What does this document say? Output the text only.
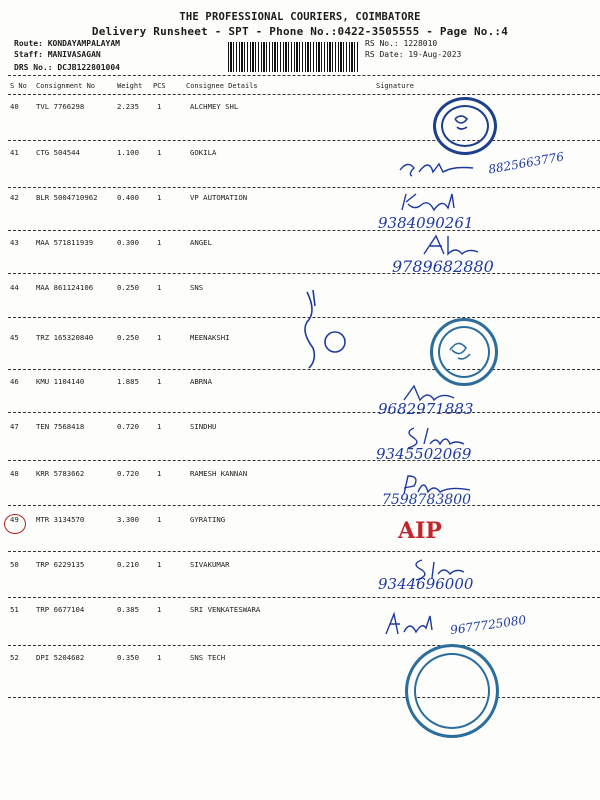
THE PROFESSIONAL COURIERS, COIMBATORE
Delivery Runsheet - SPT - Phone No.:0422-3505555 - Page No.:4
Route: KONDAYAMPALAYAM
Staff: MANIVASAGAN
DRS No.: DCJB122801004
RS No.: 1228010
RS Date: 19-Aug-2023
S No Consignment No	Weight PCS	Consignee Details	Signature
40 TVL 7766298	2.235 1	ALCHMEY SHL
41 CTG 504544	1.100 1	GOKILA
42 BLR 5004710962	0.400 1	VP AUTOMATION
43 MAA 571811939	0.300 1	ANGEL
44 MAA 861124106	0.250 1	SNS
45 TRZ 165320840	0.250 1	MEENAKSHI
46 KMU 1104140	1.885 1	ABRNA
47 TEN 7568418	0.720 1	SINDHU
48 KRR 5783662	0.720 1	RAMESH KANNAN
49 MTR 3134570	3.300 1	GYRATING
50 TRP 6229135	0.210 1	SIVAKUMAR
51 TRP 6677104	0.385 1	SRI VENKATESWARA
52 DPI 5204682	0.350 1	SNS TECH
8825663776
9384090261
9789682880
9682971883
9345502069
7598783800
AIP
9344696000
9677725080
